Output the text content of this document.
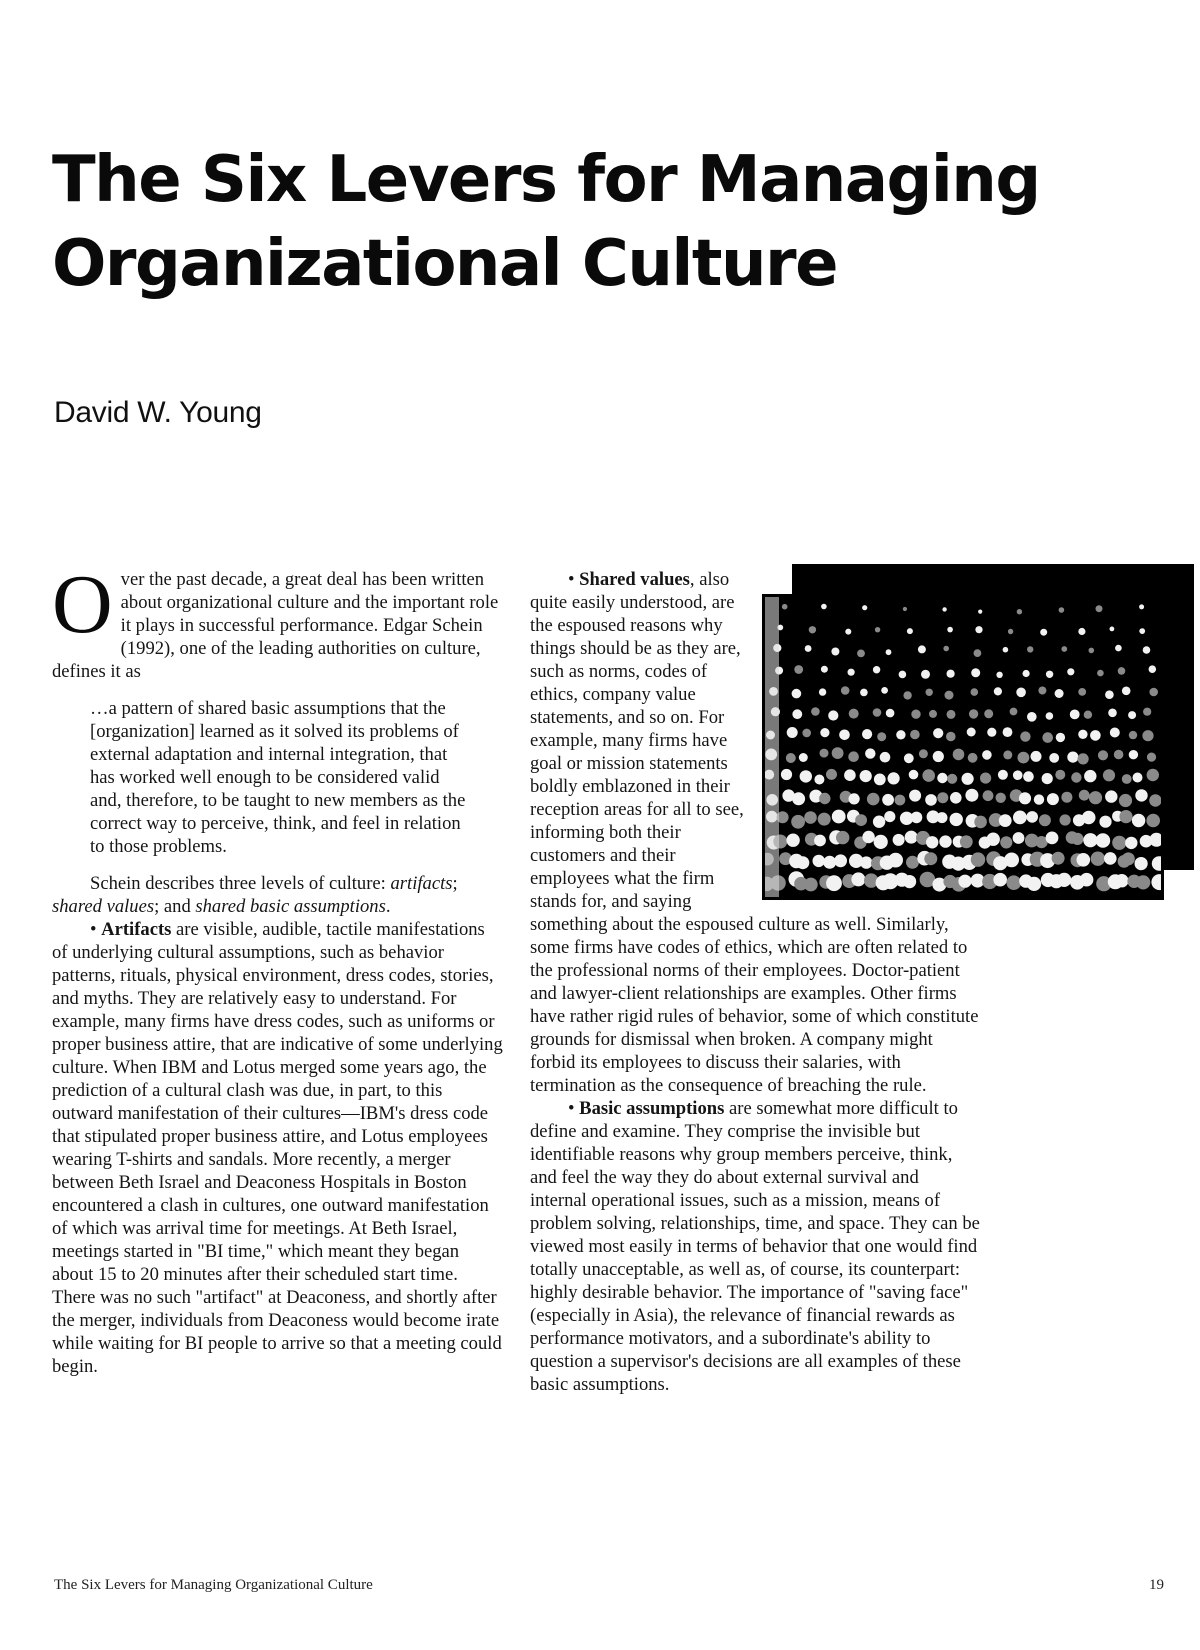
The Six Levers for Managing
Organizational Culture
David W. Young

Over the past decade, a great deal has been written about organizational culture and the important role it plays in successful performance. Edgar Schein (1992), one of the leading authorities on culture, defines it as

…a pattern of shared basic assumptions that the [organization] learned as it solved its problems of external adaptation and internal integration, that has worked well enough to be considered valid and, therefore, to be taught to new members as the correct way to perceive, think, and feel in relation to those problems.

Schein describes three levels of culture: artifacts; shared values; and shared basic assumptions.

• Artifacts are visible, audible, tactile manifestations of underlying cultural assumptions, such as behavior patterns, rituals, physical environment, dress codes, stories, and myths. They are relatively easy to understand. For example, many firms have dress codes, such as uniforms or proper business attire, that are indicative of some underlying culture. When IBM and Lotus merged some years ago, the prediction of a cultural clash was due, in part, to this outward manifestation of their cultures—IBM's dress code that stipulated proper business attire, and Lotus employees wearing T-shirts and sandals. More recently, a merger between Beth Israel and Deaconess Hospitals in Boston encountered a clash in cultures, one outward manifestation of which was arrival time for meetings. At Beth Israel, meetings started in "BI time," which meant they began about 15 to 20 minutes after their scheduled start time. There was no such "artifact" at Deaconess, and shortly after the merger, individuals from Deaconess would become irate while waiting for BI people to arrive so that a meeting could begin.

• Shared values, also quite easily understood, are the espoused reasons why things should be as they are, such as norms, codes of ethics, company value statements, and so on. For example, many firms have goal or mission statements boldly emblazoned in their reception areas for all to see, informing both their customers and their employees what the firm stands for, and saying something about the espoused culture as well. Similarly, some firms have codes of ethics, which are often related to the professional norms of their employees. Doctor-patient and lawyer-client relationships are examples. Other firms have rather rigid rules of behavior, some of which constitute grounds for dismissal when broken. A company might forbid its employees to discuss their salaries, with termination as the consequence of breaching the rule.

• Basic assumptions are somewhat more difficult to define and examine. They comprise the invisible but identifiable reasons why group members perceive, think, and feel the way they do about external survival and internal operational issues, such as a mission, means of problem solving, relationships, time, and space. They can be viewed most easily in terms of behavior that one would find totally unacceptable, as well as, of course, its counterpart: highly desirable behavior. The importance of "saving face" (especially in Asia), the relevance of financial rewards as performance motivators, and a subordinate's ability to question a supervisor's decisions are all examples of these basic assumptions.

The Six Levers for Managing Organizational Culture	19
